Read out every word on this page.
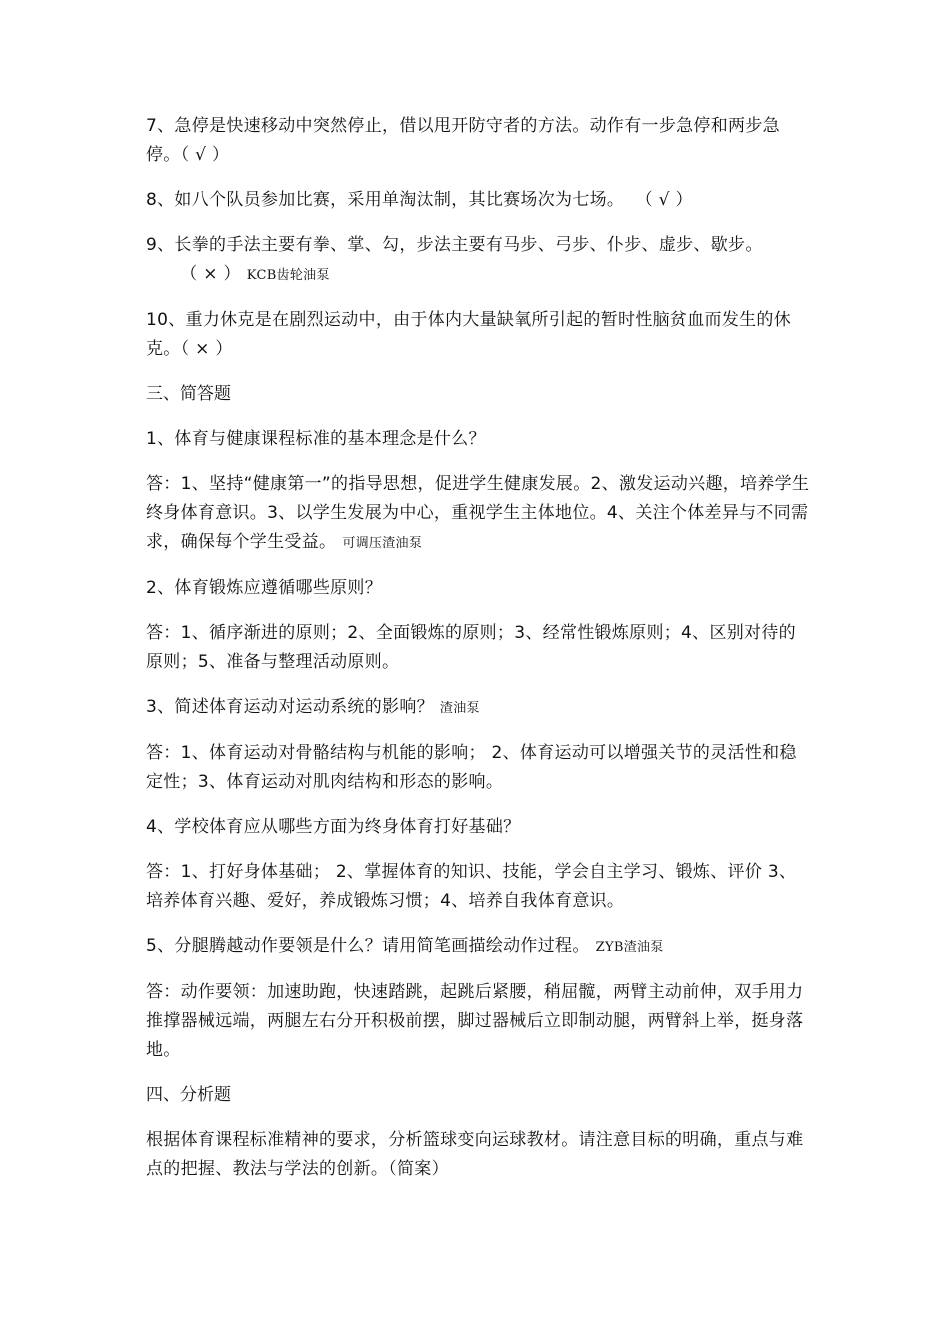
7、急停是快速移动中突然停止，借以甩开防守者的方法。动作有一步急停和两步急停。（ √ ）

8、如八个队员参加比赛，采用单淘汰制，其比赛场次为七场。  （ √ ）

9、长拳的手法主要有拳、掌、勾，步法主要有马步、弓步、仆步、虚步、歇步。      （ × ） KCB齿轮油泵

10、重力休克是在剧烈运动中，由于体内大量缺氧所引起的暂时性脑贫血而发生的休克。（ × ）

三、简答题

1、体育与健康课程标准的基本理念是什么？

答：1、坚持“健康第一”的指导思想，促进学生健康发展。2、激发运动兴趣，培养学生终身体育意识。3、以学生发展为中心，重视学生主体地位。4、关注个体差异与不同需求，确保每个学生受益。 可调压渣油泵

2、体育锻炼应遵循哪些原则？

答：1、循序渐进的原则；2、全面锻炼的原则；3、经常性锻炼原则；4、区别对待的原则；5、准备与整理活动原则。

3、简述体育运动对运动系统的影响？ 渣油泵

答：1、体育运动对骨骼结构与机能的影响； 2、体育运动可以增强关节的灵活性和稳定性；3、体育运动对肌肉结构和形态的影响。

4、学校体育应从哪些方面为终身体育打好基础？

答：1、打好身体基础； 2、掌握体育的知识、技能，学会自主学习、锻炼、评价 3、培养体育兴趣、爱好，养成锻炼习惯；4、培养自我体育意识。

5、分腿腾越动作要领是什么？请用简笔画描绘动作过程。 ZYB渣油泵

答：动作要领：加速助跑，快速踏跳，起跳后紧腰，稍屈髋，两臂主动前伸，双手用力推撑器械远端，两腿左右分开积极前摆，脚过器械后立即制动腿，两臂斜上举，挺身落地。

四、分析题

根据体育课程标准精神的要求，分析篮球变向运球教材。请注意目标的明确，重点与难点的把握、教法与学法的创新。（简案）
